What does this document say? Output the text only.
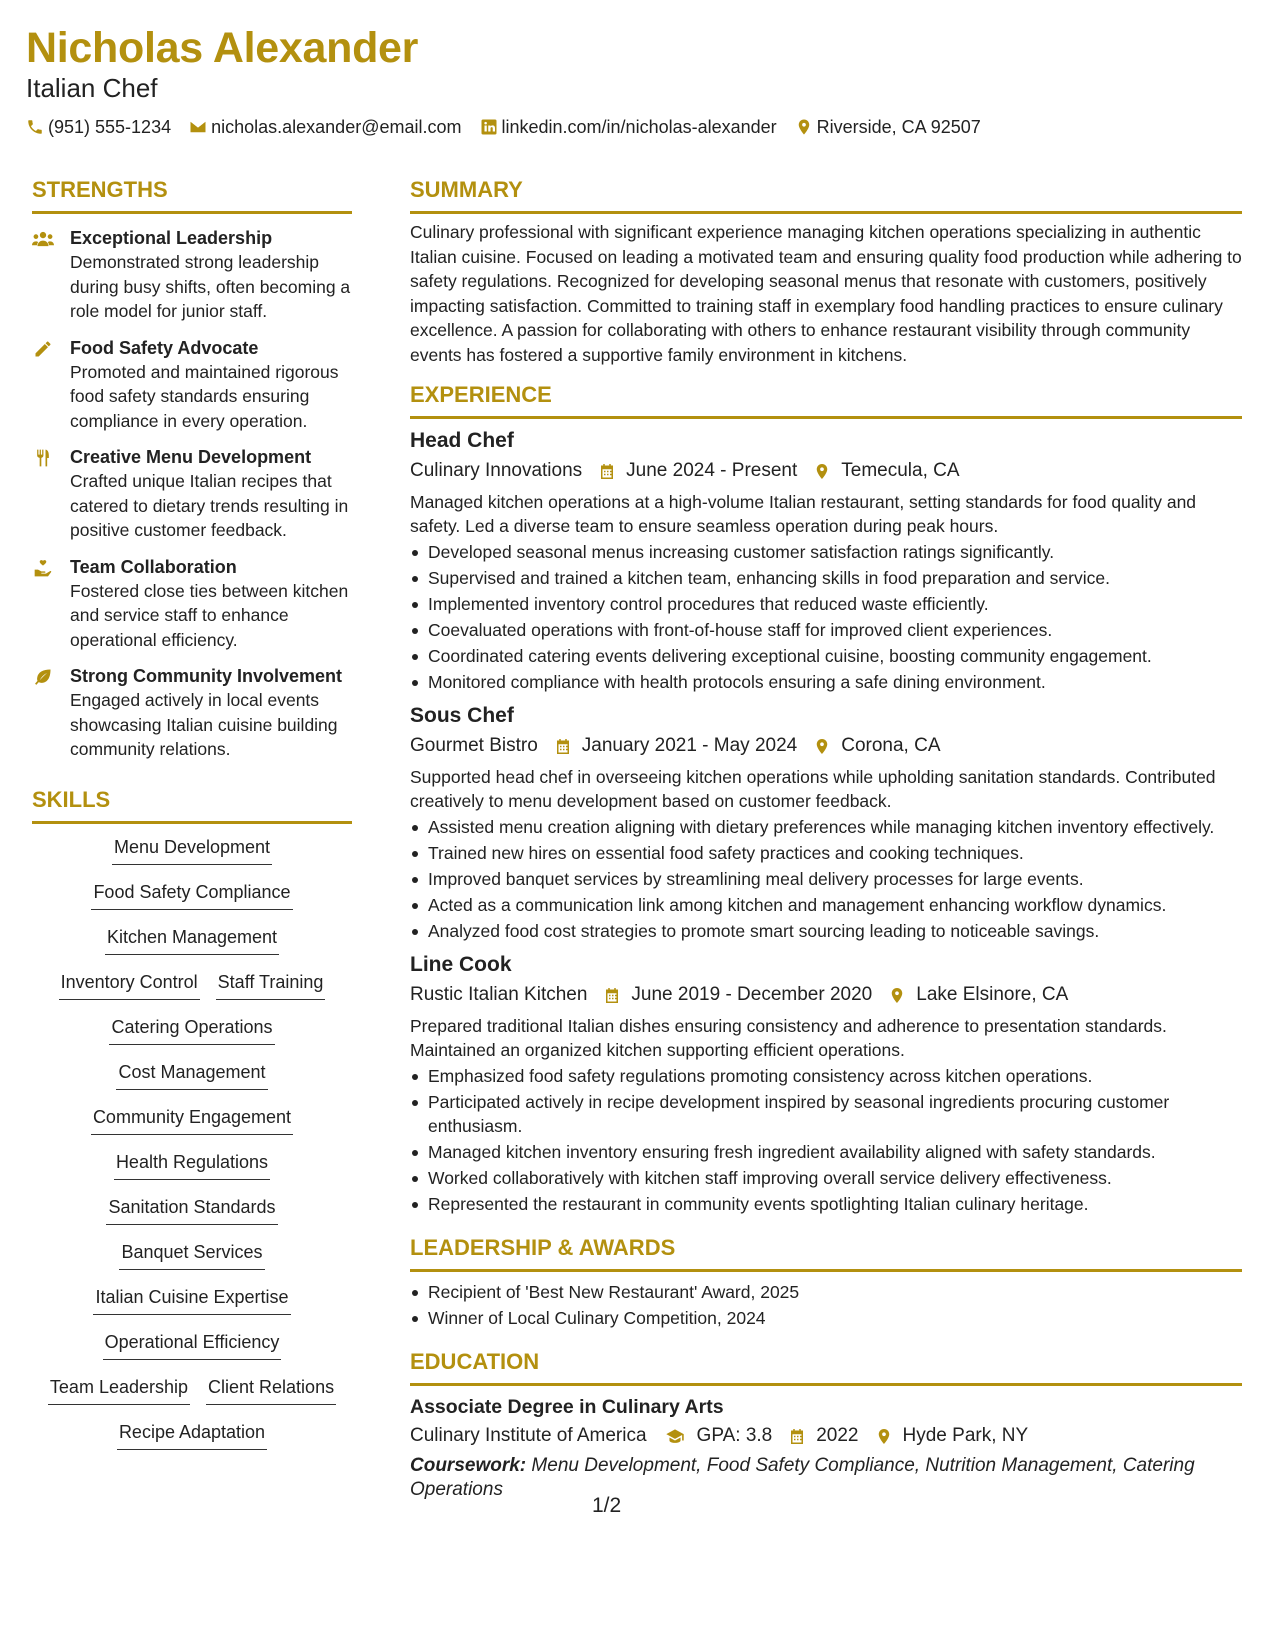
Nicholas Alexander
Italian Chef
(951) 555-1234 nicholas.alexander@email.com linkedin.com/in/nicholas-alexander Riverside, CA 92507
STRENGTHS
Exceptional Leadership
Demonstrated strong leadership during busy shifts, often becoming a role model for junior staff.
Food Safety Advocate
Promoted and maintained rigorous food safety standards ensuring compliance in every operation.
Creative Menu Development
Crafted unique Italian recipes that catered to dietary trends resulting in positive customer feedback.
Team Collaboration
Fostered close ties between kitchen and service staff to enhance operational efficiency.
Strong Community Involvement
Engaged actively in local events showcasing Italian cuisine building community relations.
SKILLS
Menu Development
Food Safety Compliance
Kitchen Management
Inventory Control Staff Training
Catering Operations
Cost Management
Community Engagement
Health Regulations
Sanitation Standards
Banquet Services
Italian Cuisine Expertise
Operational Efficiency
Team Leadership Client Relations
Recipe Adaptation
SUMMARY
Culinary professional with significant experience managing kitchen operations specializing in authentic Italian cuisine. Focused on leading a motivated team and ensuring quality food production while adhering to safety regulations. Recognized for developing seasonal menus that resonate with customers, positively impacting satisfaction. Committed to training staff in exemplary food handling practices to ensure culinary excellence. A passion for collaborating with others to enhance restaurant visibility through community events has fostered a supportive family environment in kitchens.
EXPERIENCE
Head Chef
Culinary Innovations June 2024 - Present Temecula, CA
Managed kitchen operations at a high-volume Italian restaurant, setting standards for food quality and safety. Led a diverse team to ensure seamless operation during peak hours.
Developed seasonal menus increasing customer satisfaction ratings significantly.
Supervised and trained a kitchen team, enhancing skills in food preparation and service.
Implemented inventory control procedures that reduced waste efficiently.
Coevaluated operations with front-of-house staff for improved client experiences.
Coordinated catering events delivering exceptional cuisine, boosting community engagement.
Monitored compliance with health protocols ensuring a safe dining environment.
Sous Chef
Gourmet Bistro January 2021 - May 2024 Corona, CA
Supported head chef in overseeing kitchen operations while upholding sanitation standards. Contributed creatively to menu development based on customer feedback.
Assisted menu creation aligning with dietary preferences while managing kitchen inventory effectively.
Trained new hires on essential food safety practices and cooking techniques.
Improved banquet services by streamlining meal delivery processes for large events.
Acted as a communication link among kitchen and management enhancing workflow dynamics.
Analyzed food cost strategies to promote smart sourcing leading to noticeable savings.
Line Cook
Rustic Italian Kitchen June 2019 - December 2020 Lake Elsinore, CA
Prepared traditional Italian dishes ensuring consistency and adherence to presentation standards. Maintained an organized kitchen supporting efficient operations.
Emphasized food safety regulations promoting consistency across kitchen operations.
Participated actively in recipe development inspired by seasonal ingredients procuring customer enthusiasm.
Managed kitchen inventory ensuring fresh ingredient availability aligned with safety standards.
Worked collaboratively with kitchen staff improving overall service delivery effectiveness.
Represented the restaurant in community events spotlighting Italian culinary heritage.
LEADERSHIP & AWARDS
Recipient of 'Best New Restaurant' Award, 2025
Winner of Local Culinary Competition, 2024
EDUCATION
Associate Degree in Culinary Arts
Culinary Institute of America	GPA: 3.8 2022 Hyde Park, NY
Coursework: Menu Development, Food Safety Compliance, Nutrition Management, Catering Operations
1/2
